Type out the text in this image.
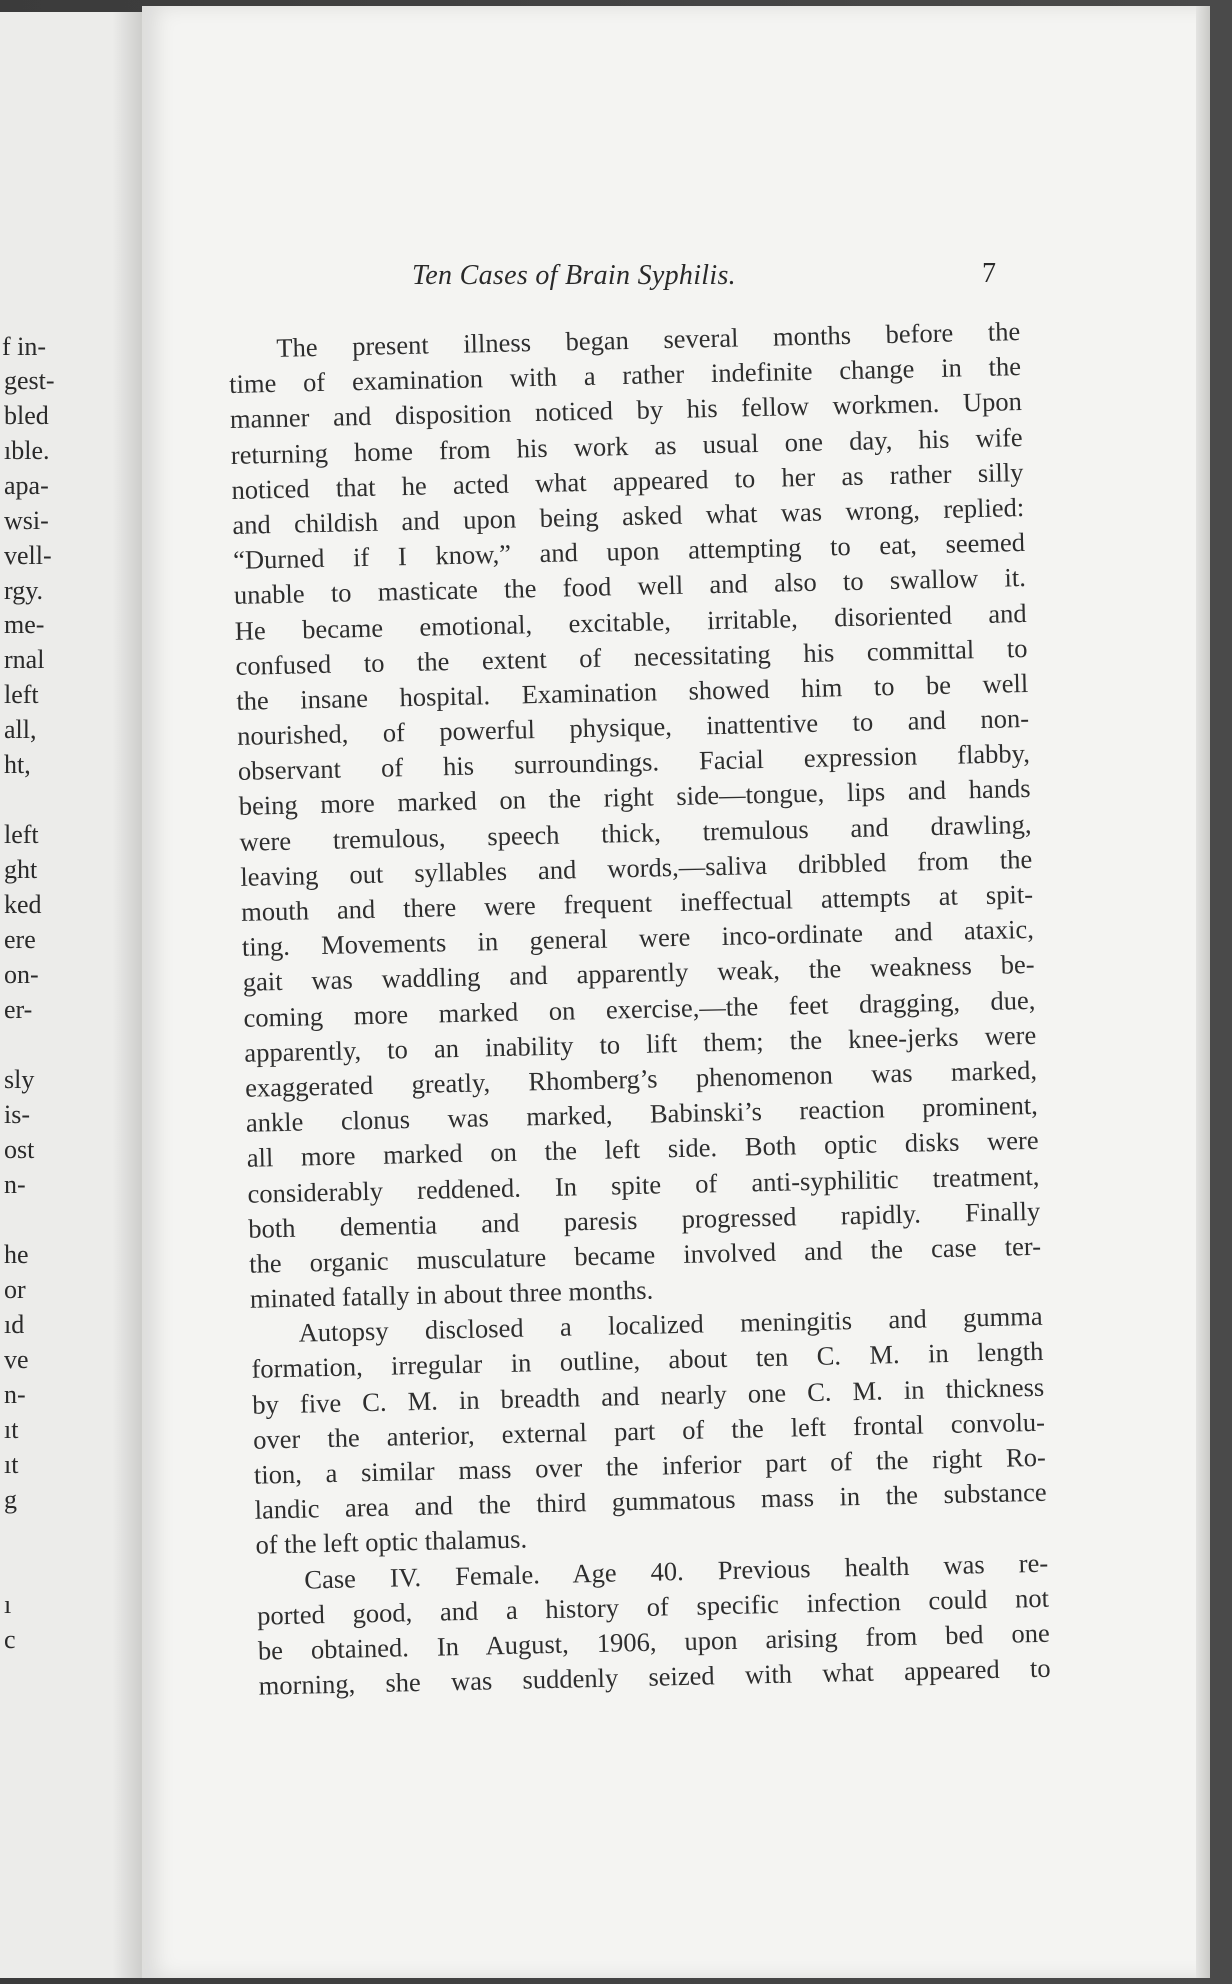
f in-
gest-
bled
ıble.
apa-
wsi-
vell-
rgy.
me-
rnal
left
all,
ht,
left
ght
ked
ere
on-
er-
sly
is-
ost
n-
he
or
ıd
ve
n-
ıt
ıt
g
ı
c
Ten Cases of Brain Syphilis.	7
The present illness began several months before the
time of examination with a rather indefinite change in the
manner and disposition noticed by his fellow workmen. Upon
returning home from his work as usual one day, his wife
noticed that he acted what appeared to her as rather silly
and childish and upon being asked what was wrong, replied:
“Durned if I know,” and upon attempting to eat, seemed
unable to masticate the food well and also to swallow it.
He became emotional, excitable, irritable, disoriented and
confused to the extent of necessitating his committal to
the insane hospital. Examination showed him to be well
nourished, of powerful physique, inattentive to and non-
observant of his surroundings. Facial expression flabby,
being more marked on the right side—tongue, lips and hands
were tremulous, speech thick, tremulous and drawling,
leaving out syllables and words,—saliva dribbled from the
mouth and there were frequent ineffectual attempts at spit-
ting. Movements in general were inco-ordinate and ataxic,
gait was waddling and apparently weak, the weakness be-
coming more marked on exercise,—the feet dragging, due,
apparently, to an inability to lift them; the knee-jerks were
exaggerated greatly, Rhomberg’s phenomenon was marked,
ankle clonus was marked, Babinski’s reaction prominent,
all more marked on the left side. Both optic disks were
considerably reddened. In spite of anti-syphilitic treatment,
both dementia and paresis progressed rapidly. Finally
the organic musculature became involved and the case ter-
minated fatally in about three months.
Autopsy disclosed a localized meningitis and gumma
formation, irregular in outline, about ten C. M. in length
by five C. M. in breadth and nearly one C. M. in thickness
over the anterior, external part of the left frontal convolu-
tion, a similar mass over the inferior part of the right Ro-
landic area and the third gummatous mass in the substance
of the left optic thalamus.
Case IV. Female. Age 40. Previous health was re-
ported good, and a history of specific infection could not
be obtained. In August, 1906, upon arising from bed one
morning, she was suddenly seized with what appeared to
